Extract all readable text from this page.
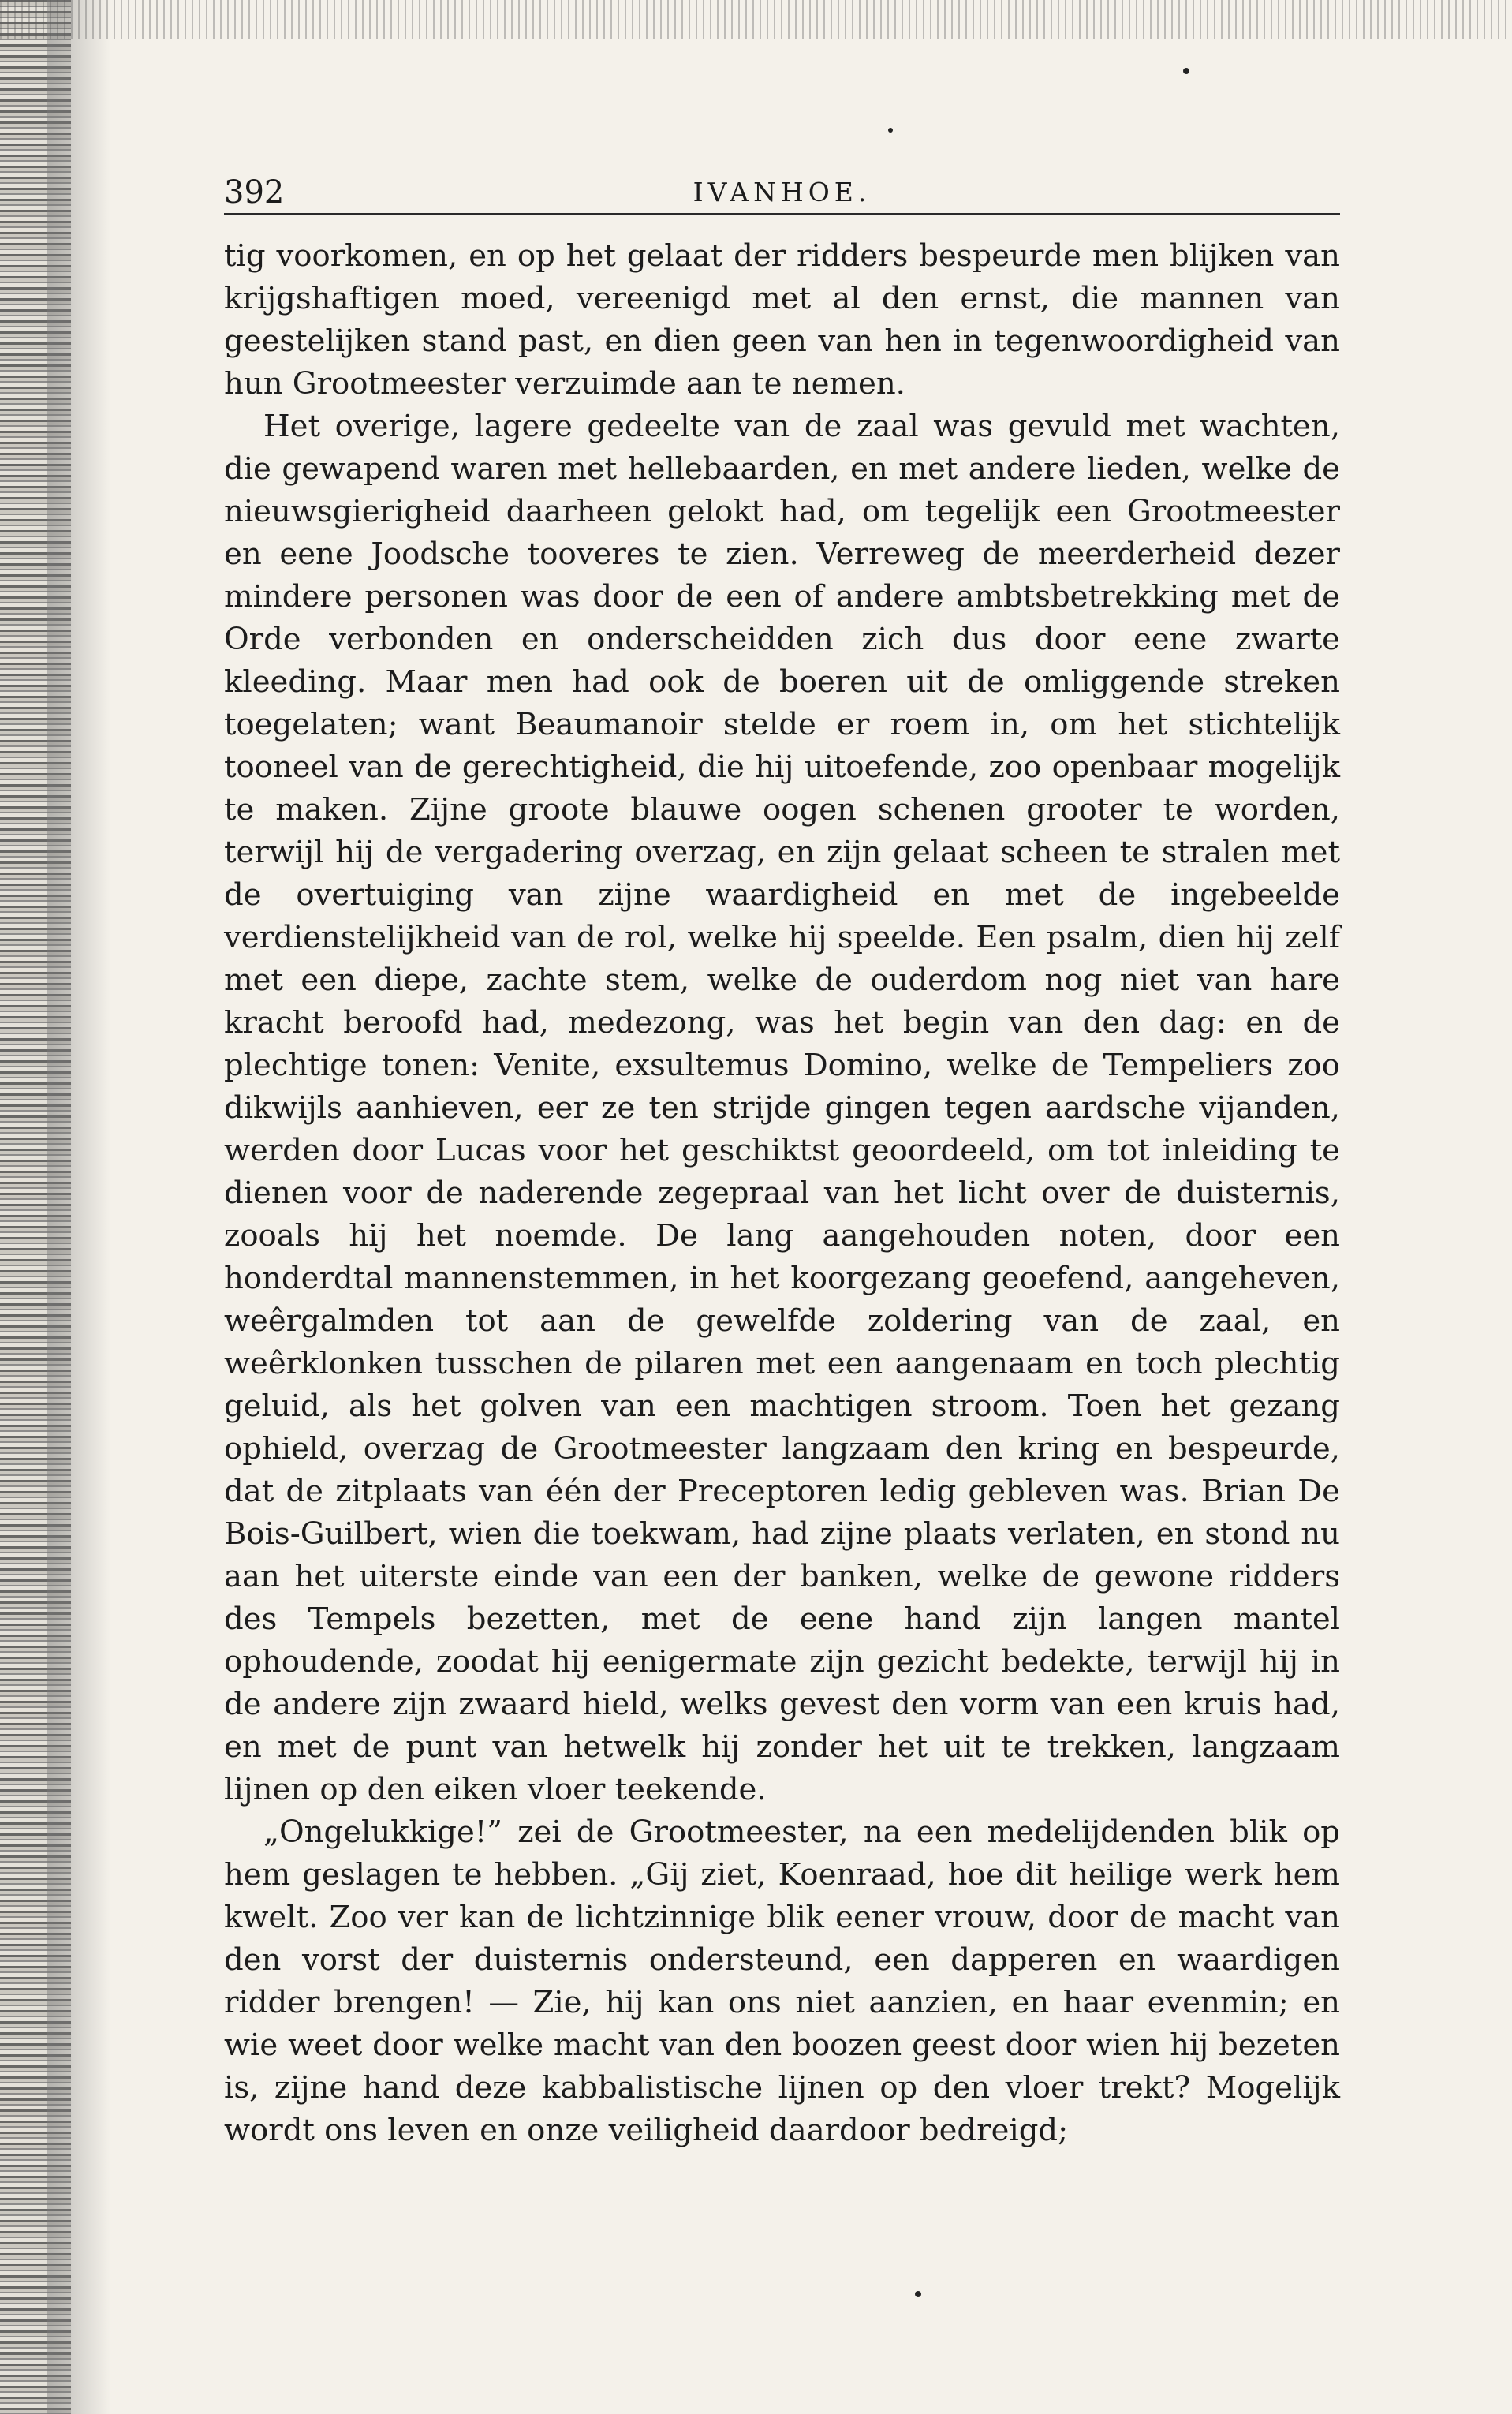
392	IVANHOE.

tig voorkomen, en op het gelaat der ridders bespeurde men blijken van krijgshaftigen moed, vereenigd met al den ernst, die mannen van geestelijken stand past, en dien geen van hen in tegenwoordigheid van hun Grootmeester verzuimde aan te nemen.

Het overige, lagere gedeelte van de zaal was gevuld met wachten, die gewapend waren met hellebaarden, en met andere lieden, welke de nieuwsgierigheid daarheen gelokt had, om tegelijk een Grootmeester en eene Joodsche tooveres te zien. Verreweg de meerderheid dezer mindere personen was door de een of andere ambtsbetrekking met de Orde verbonden en onderscheidden zich dus door eene zwarte kleeding. Maar men had ook de boeren uit de omliggende streken toegelaten; want Beaumanoir stelde er roem in, om het stichtelijk tooneel van de gerechtigheid, die hij uitoefende, zoo openbaar mogelijk te maken. Zijne groote blauwe oogen schenen grooter te worden, terwijl hij de vergadering overzag, en zijn gelaat scheen te stralen met de overtuiging van zijne waardigheid en met de ingebeelde verdienstelijkheid van de rol, welke hij speelde. Een psalm, dien hij zelf met een diepe, zachte stem, welke de ouderdom nog niet van hare kracht beroofd had, medezong, was het begin van den dag: en de plechtige tonen: Venite, exsultemus Domino, welke de Tempeliers zoo dikwijls aanhieven, eer ze ten strijde gingen tegen aardsche vijanden, werden door Lucas voor het geschiktst geoordeeld, om tot inleiding te dienen voor de naderende zegepraal van het licht over de duisternis, zooals hij het noemde. De lang aangehouden noten, door een honderdtal mannenstemmen, in het koorgezang geoefend, aangeheven, weêrgalmden tot aan de gewelfde zoldering van de zaal, en weêrklonken tusschen de pilaren met een aangenaam en toch plechtig geluid, als het golven van een machtigen stroom. Toen het gezang ophield, overzag de Grootmeester langzaam den kring en bespeurde, dat de zitplaats van één der Preceptoren ledig gebleven was. Brian De Bois-Guilbert, wien die toekwam, had zijne plaats verlaten, en stond nu aan het uiterste einde van een der banken, welke de gewone ridders des Tempels bezetten, met de eene hand zijn langen mantel ophoudende, zoodat hij eenigermate zijn gezicht bedekte, terwijl hij in de andere zijn zwaard hield, welks gevest den vorm van een kruis had, en met de punt van hetwelk hij zonder het uit te trekken, langzaam lijnen op den eiken vloer teekende.

„Ongelukkige!” zei de Grootmeester, na een medelijdenden blik op hem geslagen te hebben. „Gij ziet, Koenraad, hoe dit heilige werk hem kwelt. Zoo ver kan de lichtzinnige blik eener vrouw, door de macht van den vorst der duisternis ondersteund, een dapperen en waardigen ridder brengen! — Zie, hij kan ons niet aanzien, en haar evenmin; en wie weet door welke macht van den boozen geest door wien hij bezeten is, zijne hand deze kabbalistische lijnen op den vloer trekt? Mogelijk wordt ons leven en onze veiligheid daardoor bedreigd;
